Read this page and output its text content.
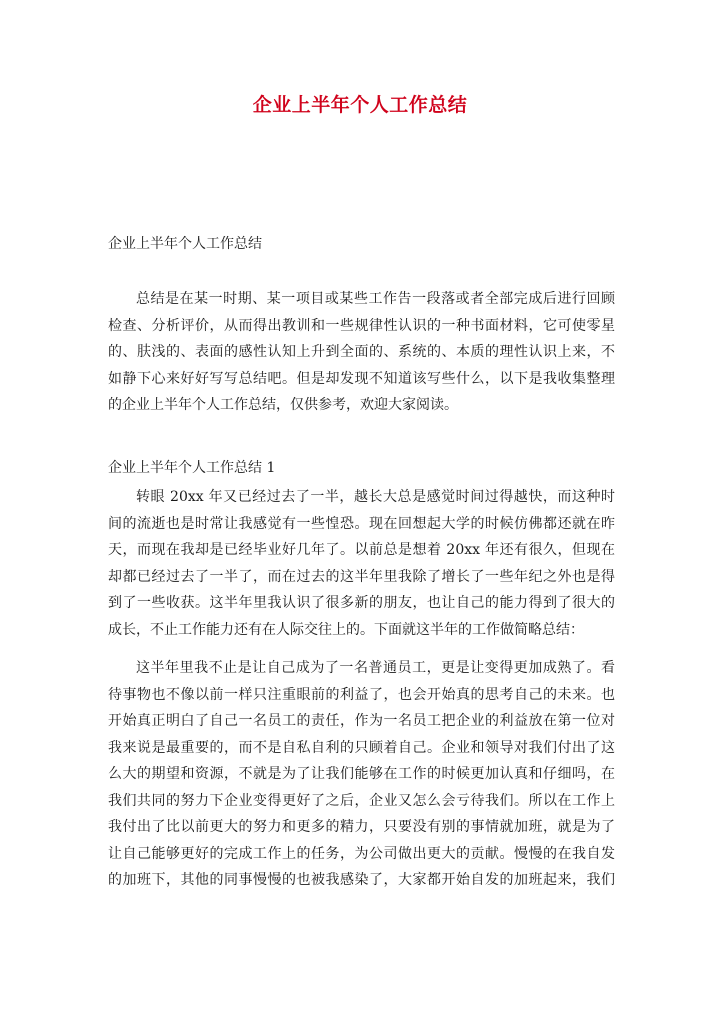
企业上半年个人工作总结
企业上半年个人工作总结
总结是在某一时期、某一项目或某些工作告一段落或者全部完成后进行回顾
检查、分析评价，从而得出教训和一些规律性认识的一种书面材料，它可使零星
的、肤浅的、表面的感性认知上升到全面的、系统的、本质的理性认识上来，不
如静下心来好好写写总结吧。但是却发现不知道该写些什么，以下是我收集整理
的企业上半年个人工作总结，仅供参考，欢迎大家阅读。
企业上半年个人工作总结 1
转眼 20xx 年又已经过去了一半，越长大总是感觉时间过得越快，而这种时
间的流逝也是时常让我感觉有一些惶恐。现在回想起大学的时候仿佛都还就在昨
天，而现在我却是已经毕业好几年了。以前总是想着 20xx 年还有很久，但现在
却都已经过去了一半了，而在过去的这半年里我除了增长了一些年纪之外也是得
到了一些收获。这半年里我认识了很多新的朋友，也让自己的能力得到了很大的
成长，不止工作能力还有在人际交往上的。下面就这半年的工作做简略总结：
这半年里我不止是让自己成为了一名普通员工，更是让变得更加成熟了。看
待事物也不像以前一样只注重眼前的利益了，也会开始真的思考自己的未来。也
开始真正明白了自己一名员工的责任，作为一名员工把企业的利益放在第一位对
我来说是最重要的，而不是自私自利的只顾着自己。企业和领导对我们付出了这
么大的期望和资源，不就是为了让我们能够在工作的时候更加认真和仔细吗，在
我们共同的努力下企业变得更好了之后，企业又怎么会亏待我们。所以在工作上
我付出了比以前更大的努力和更多的精力，只要没有别的事情就加班，就是为了
让自己能够更好的完成工作上的任务，为公司做出更大的贡献。慢慢的在我自发
的加班下，其他的同事慢慢的也被我感染了，大家都开始自发的加班起来，我们
